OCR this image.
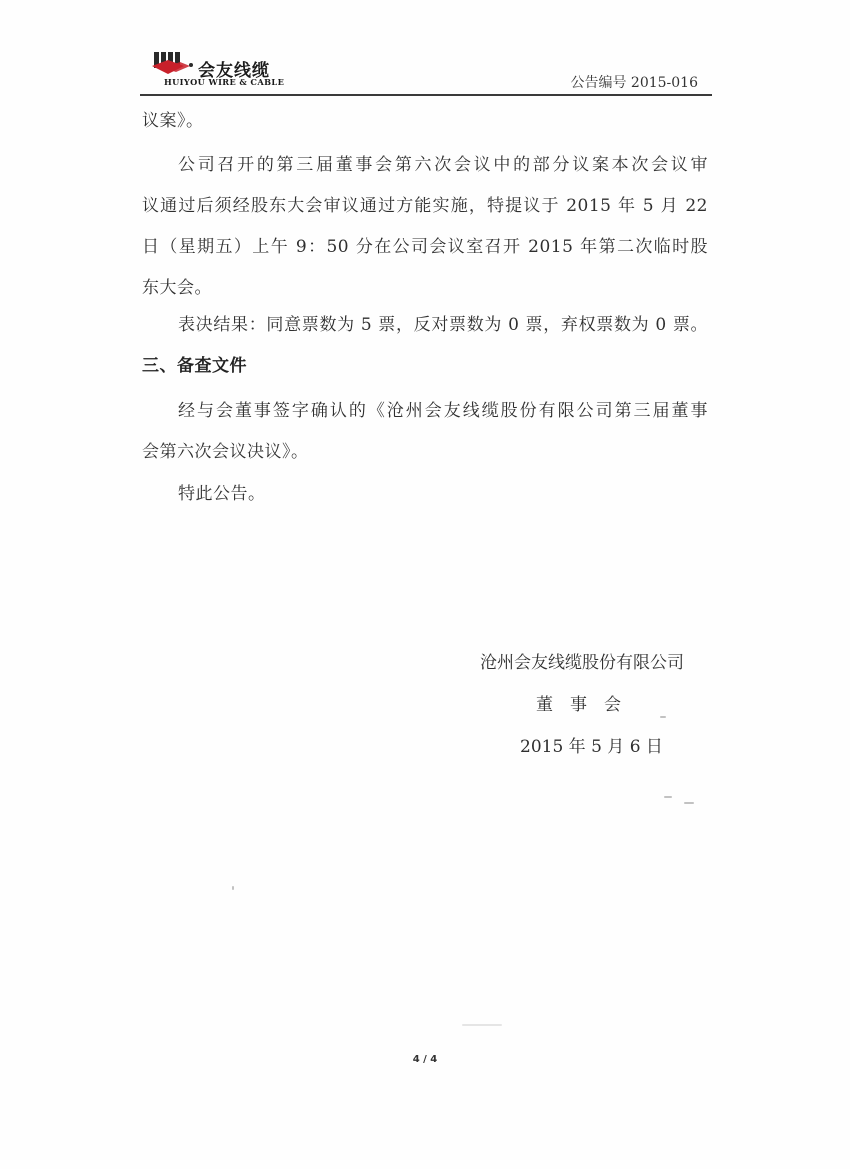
会友线缆
HUIYOU WIRE & CABLE	公告编号 2015-016
议案》。
公司召开的第三届董事会第六次会议中的部分议案本次会议审
议通过后须经股东大会审议通过方能实施，特提议于 2015 年 5 月 22
日（星期五）上午 9：50 分在公司会议室召开 2015 年第二次临时股
东大会。
表决结果：同意票数为 5 票，反对票数为 0 票，弃权票数为 0 票。
三、备查文件
经与会董事签字确认的《沧州会友线缆股份有限公司第三届董事
会第六次会议决议》。
特此公告。
沧州会友线缆股份有限公司
董　事　会
2015 年 5 月 6 日
4 / 4
